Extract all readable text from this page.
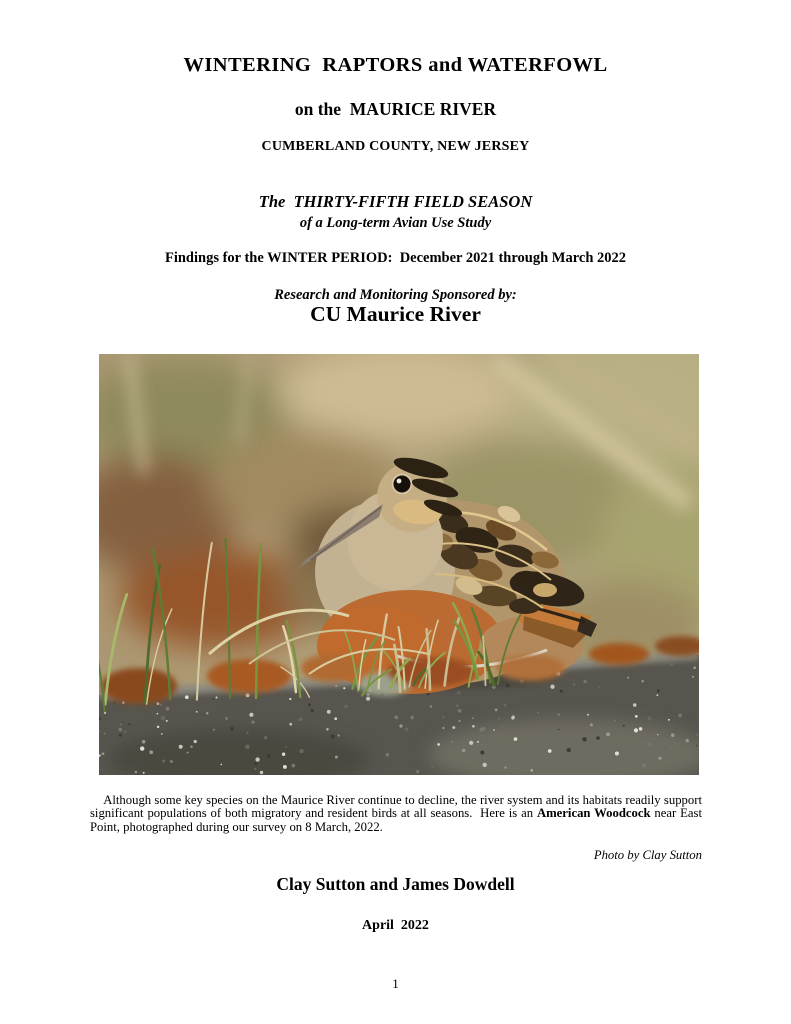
WINTERING  RAPTORS and WATERFOWL
on the  MAURICE RIVER
CUMBERLAND COUNTY, NEW JERSEY
The  THIRTY-FIFTH FIELD SEASON
of a Long-term Avian Use Study
Findings for the WINTER PERIOD:  December 2021 through March 2022
Research and Monitoring Sponsored by:
CU Maurice River

Although some key species on the Maurice River continue to decline, the river system and its habitats readily support significant populations of both migratory and resident birds at all seasons.  Here is an American Woodcock near East Point, photographed during our survey on 8 March, 2022.

Photo by Clay Sutton

Clay Sutton and James Dowdell
April  2022
1
